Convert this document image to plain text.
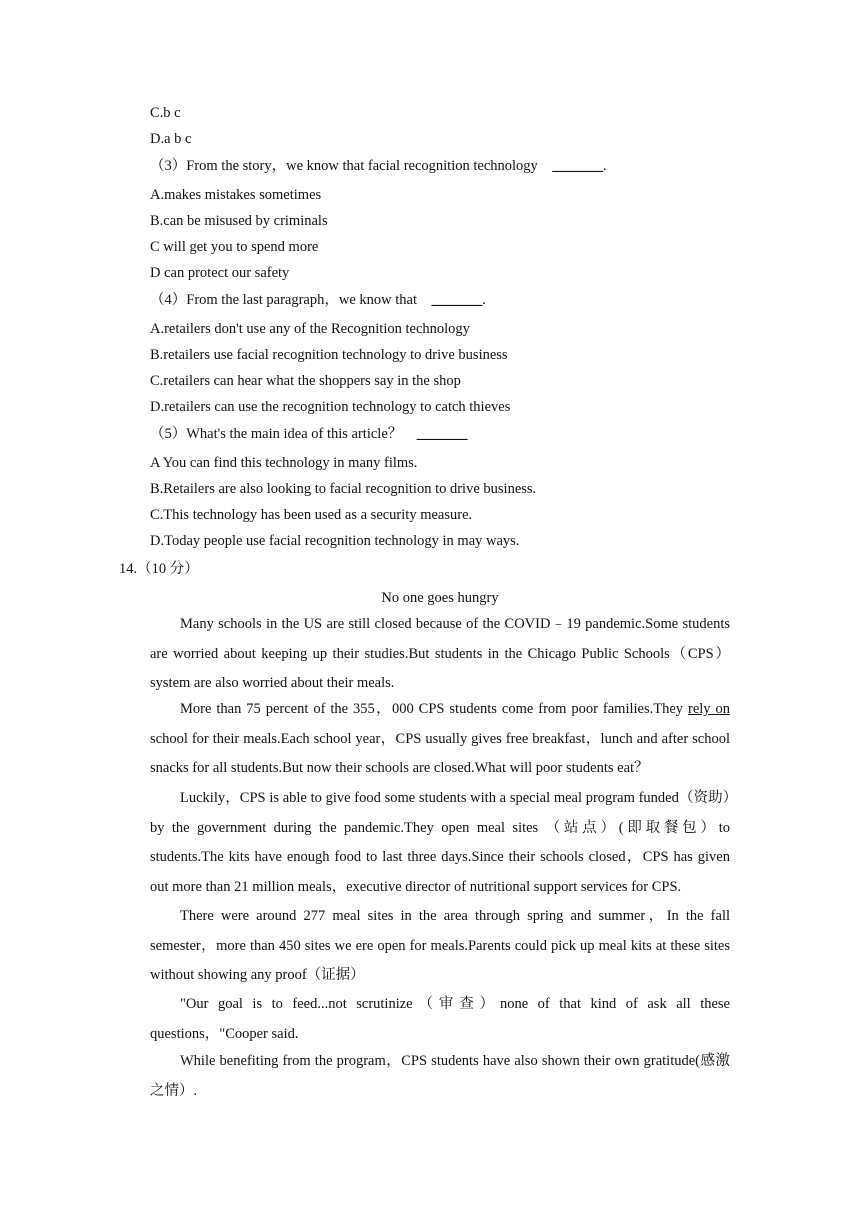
C.b c
D.a b c
（3）From the story，we know that facial recognition technology　_______.
A.makes mistakes sometimes
B.can be misused by criminals
C will get you to spend more
D can protect our safety
（4）From the last paragraph，we know that　_______.
A.retailers don't use any of the Recognition technology
B.retailers use facial recognition technology to drive business
C.retailers can hear what the shoppers say in the shop
D.retailers can use the recognition technology to catch thieves
（5）What's the main idea of this article？　_______
A You can find this technology in many films.
B.Retailers are also looking to facial recognition to drive business.
C.This technology has been used as a security measure.
D.Today people use facial recognition technology in may ways.
14.（10 分）
No one goes hungry
Many schools in the US are still closed because of the COVID﹣19 pandemic.Some students are worried about keeping up their studies.But students in the Chicago Public Schools（CPS） system are also worried about their meals.
More than 75 percent of the 355，000 CPS students come from poor families.They rely on school for their meals.Each school year，CPS usually gives free breakfast，lunch and after school snacks for all students.But now their schools are closed.What will poor students eat？
Luckily，CPS is able to give food some students with a special meal program funded（资助）by the government during the pandemic.They open meal sites （站点）(即取餐包）to students.The kits have enough food to last three days.Since their schools closed，CPS has given out more than 21 million meals，executive director of nutritional support services for CPS.
There were around 277 meal sites in the area through spring and summer，In the fall semester，more than 450 sites we ere open for meals.Parents could pick up meal kits at these sites without showing any proof（证据）
"Our goal is to feed...not scrutinize（审查）none of that kind of ask all these questions，"Cooper said.
While benefiting from the program，CPS students have also shown their own gratitude(感激之情）.
